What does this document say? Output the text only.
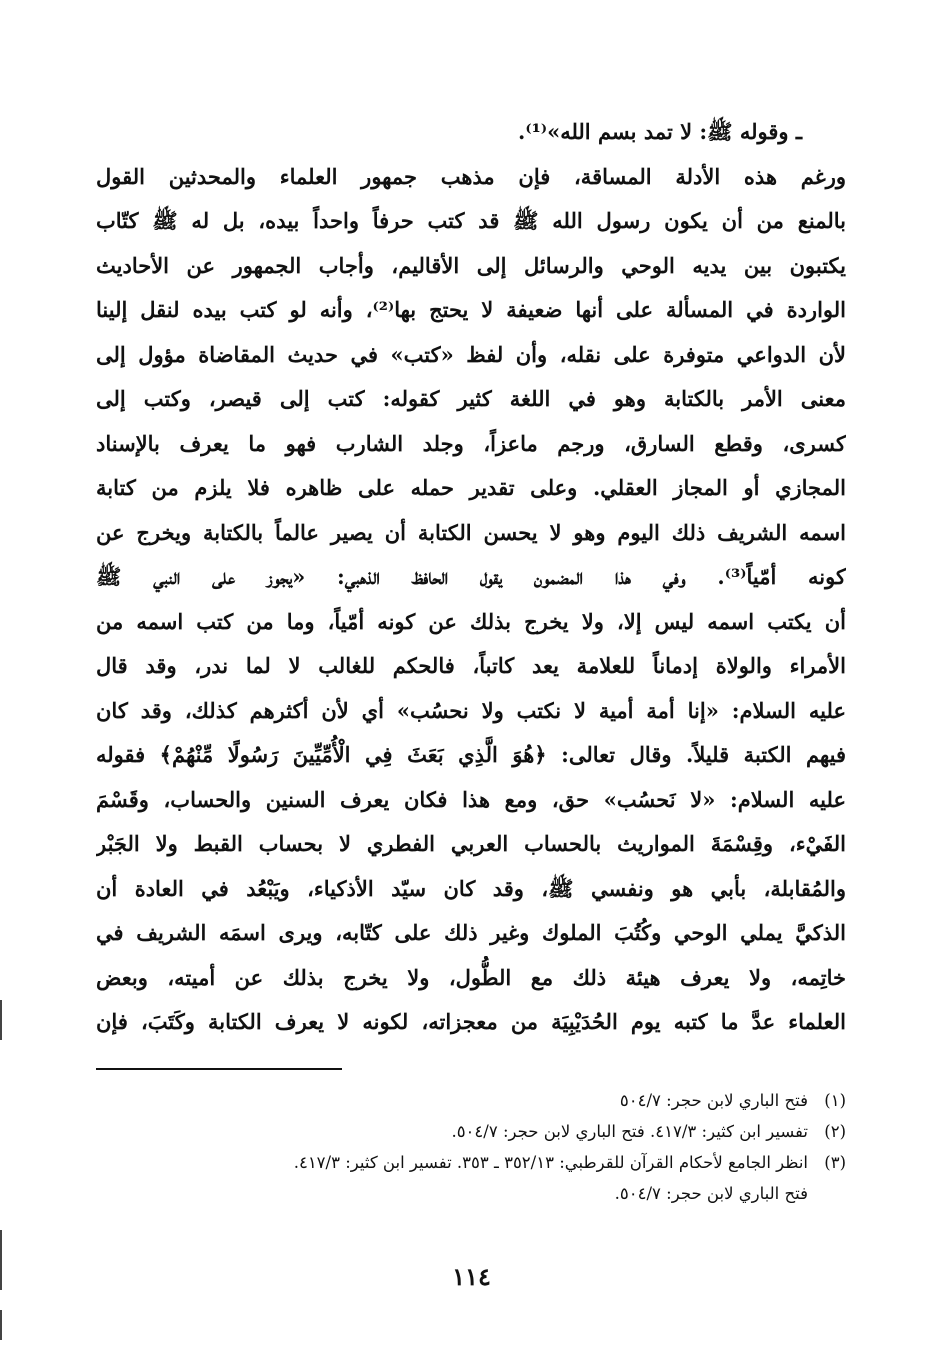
ـ وقوله ﷺ: لا تمد بسم الله»⁽¹⁾.

ورغم هذه الأدلة المساقة، فإن مذهب جمهور العلماء والمحدثين القول

بالمنع من أن يكون رسول الله ﷺ قد كتب حرفاً واحداً بيده، بل له ﷺ كتّاب

يكتبون بين يديه الوحي والرسائل إلى الأقاليم، وأجاب الجمهور عن الأحاديث

الواردة في المسألة على أنها ضعيفة لا يحتج بها⁽²⁾، وأنه لو كتب بيده لنقل إلينا

لأن الدواعي متوفرة على نقله، وأن لفظ «كتب» في حديث المقاضاة مؤول إلى

معنى الأمر بالكتابة وهو في اللغة كثير كقوله: كتب إلى قيصر، وكتب إلى

كسرى، وقطع السارق، ورجم ماعزاً، وجلد الشارب فهو ما يعرف بالإسناد

المجازي أو المجاز العقلي. وعلى تقدير حمله على ظاهره فلا يلزم من كتابة

اسمه الشريف ذلك اليوم وهو لا يحسن الكتابة أن يصير عالماً بالكتابة ويخرج عن

كونه أمّياً⁽³⁾. وفي هذا المضمون يقول الحافظ الذهبي: «يجوز على النبي ﷺ

أن يكتب اسمه ليس إلا، ولا يخرج بذلك عن كونه أمّياً، وما من كتب اسمه من

الأمراء والولاة إدماناً للعلامة يعد كاتباً، فالحكم للغالب لا لما ندر، وقد قال

عليه السلام: «إنا أمة أمية لا نكتب ولا نحسُب» أي لأن أكثرهم كذلك، وقد كان

فيهم الكتبة قليلاً. وقال تعالى: ﴿هُوَ الَّذِي بَعَثَ فِي الْأُمِّيِّينَ رَسُولًا مِّنْهُمْ﴾ فقوله

عليه السلام: «لا نَحسُب» حق، ومع هذا فكان يعرف السنين والحساب، وقَسْمَ

الفَيْء، وقِسْمَةَ المواريث بالحساب العربي الفطري لا بحساب القبط ولا الجَبْر

والمُقابلة، بأبي هو ونفسي ﷺ، وقد كان سيّد الأذكياء، ويَبْعُد في العادة أن

الذكيَّ يملي الوحي وكُتُبَ الملوك وغير ذلك على كتّابه، ويرى اسمَه الشريف في

خاتِمه، ولا يعرف هيئة ذلك مع الطُّول، ولا يخرج بذلك عن أميته، وبعض

العلماء عدَّ ما كتبه يوم الحُدَيْبِيَة من معجزاته، لكونه لا يعرف الكتابة وكَتَبَ، فإن

(١)فتح الباري لابن حجر: ٥٠٤/٧
(٢)تفسير ابن كثير: ٤١٧/٣. فتح الباري لابن حجر: ٥٠٤/٧.
(٣)انظر الجامع لأحكام القرآن للقرطبي: ٣٥٢/١٣ ـ ٣٥٣. تفسير ابن كثير: ٤١٧/٣.
فتح الباري لابن حجر: ٥٠٤/٧.
١١٤
